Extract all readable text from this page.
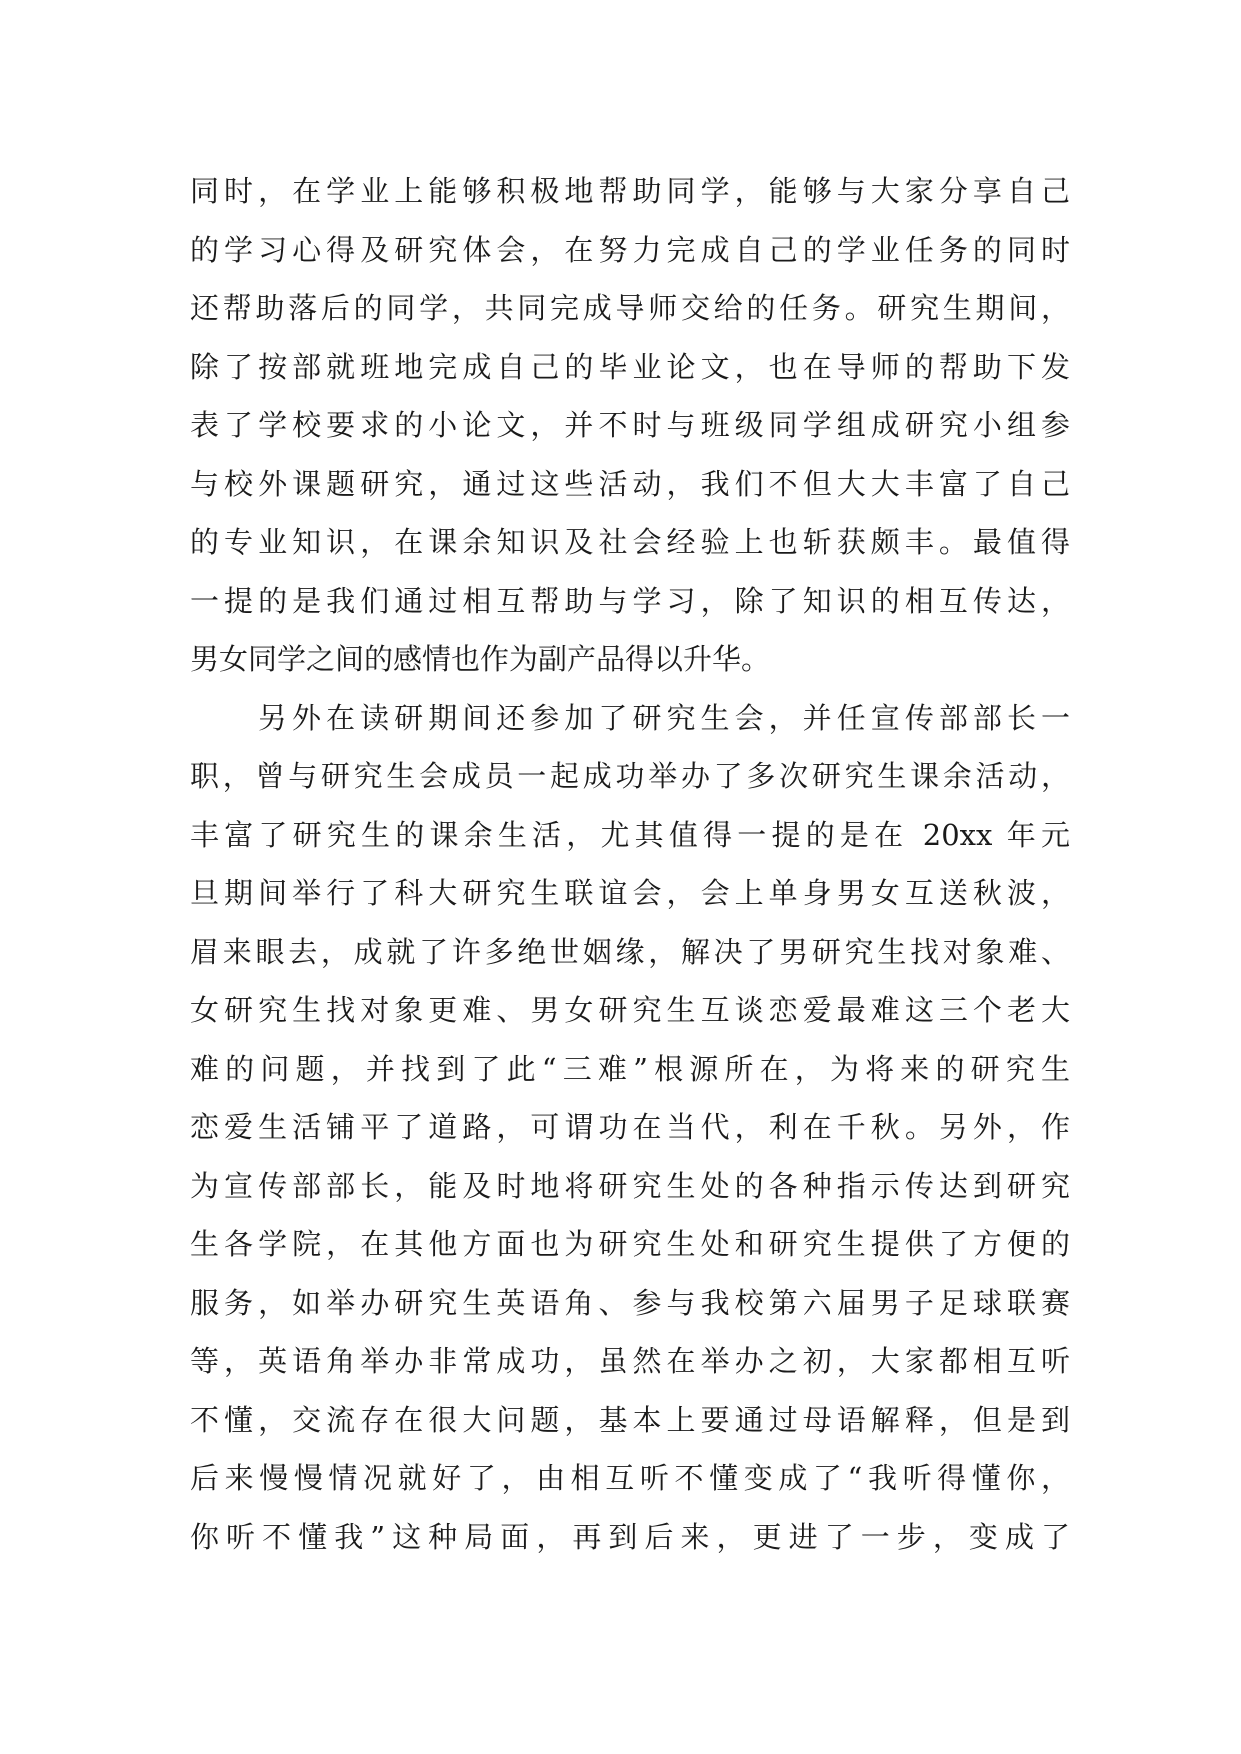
同时，在学业上能够积极地帮助同学，能够与大家分享自己
的学习心得及研究体会，在努力完成自己的学业任务的同时
还帮助落后的同学，共同完成导师交给的任务。研究生期间，
除了按部就班地完成自己的毕业论文，也在导师的帮助下发
表了学校要求的小论文，并不时与班级同学组成研究小组参
与校外课题研究，通过这些活动，我们不但大大丰富了自己
的专业知识，在课余知识及社会经验上也斩获颇丰。最值得
一提的是我们通过相互帮助与学习，除了知识的相互传达，
男女同学之间的感情也作为副产品得以升华。
另外在读研期间还参加了研究生会，并任宣传部部长一
职，曾与研究生会成员一起成功举办了多次研究生课余活动，
丰富了研究生的课余生活，尤其值得一提的是在 20xx 年元
旦期间举行了科大研究生联谊会，会上单身男女互送秋波，
眉来眼去，成就了许多绝世姻缘，解决了男研究生找对象难、
女研究生找对象更难、男女研究生互谈恋爱最难这三个老大
难的问题，并找到了此“三难”根源所在，为将来的研究生
恋爱生活铺平了道路，可谓功在当代，利在千秋。另外，作
为宣传部部长，能及时地将研究生处的各种指示传达到研究
生各学院，在其他方面也为研究生处和研究生提供了方便的
服务，如举办研究生英语角、参与我校第六届男子足球联赛
等，英语角举办非常成功，虽然在举办之初，大家都相互听
不懂，交流存在很大问题，基本上要通过母语解释，但是到
后来慢慢情况就好了，由相互听不懂变成了“我听得懂你，
你听不懂我”这种局面，再到后来，更进了一步，变成了
